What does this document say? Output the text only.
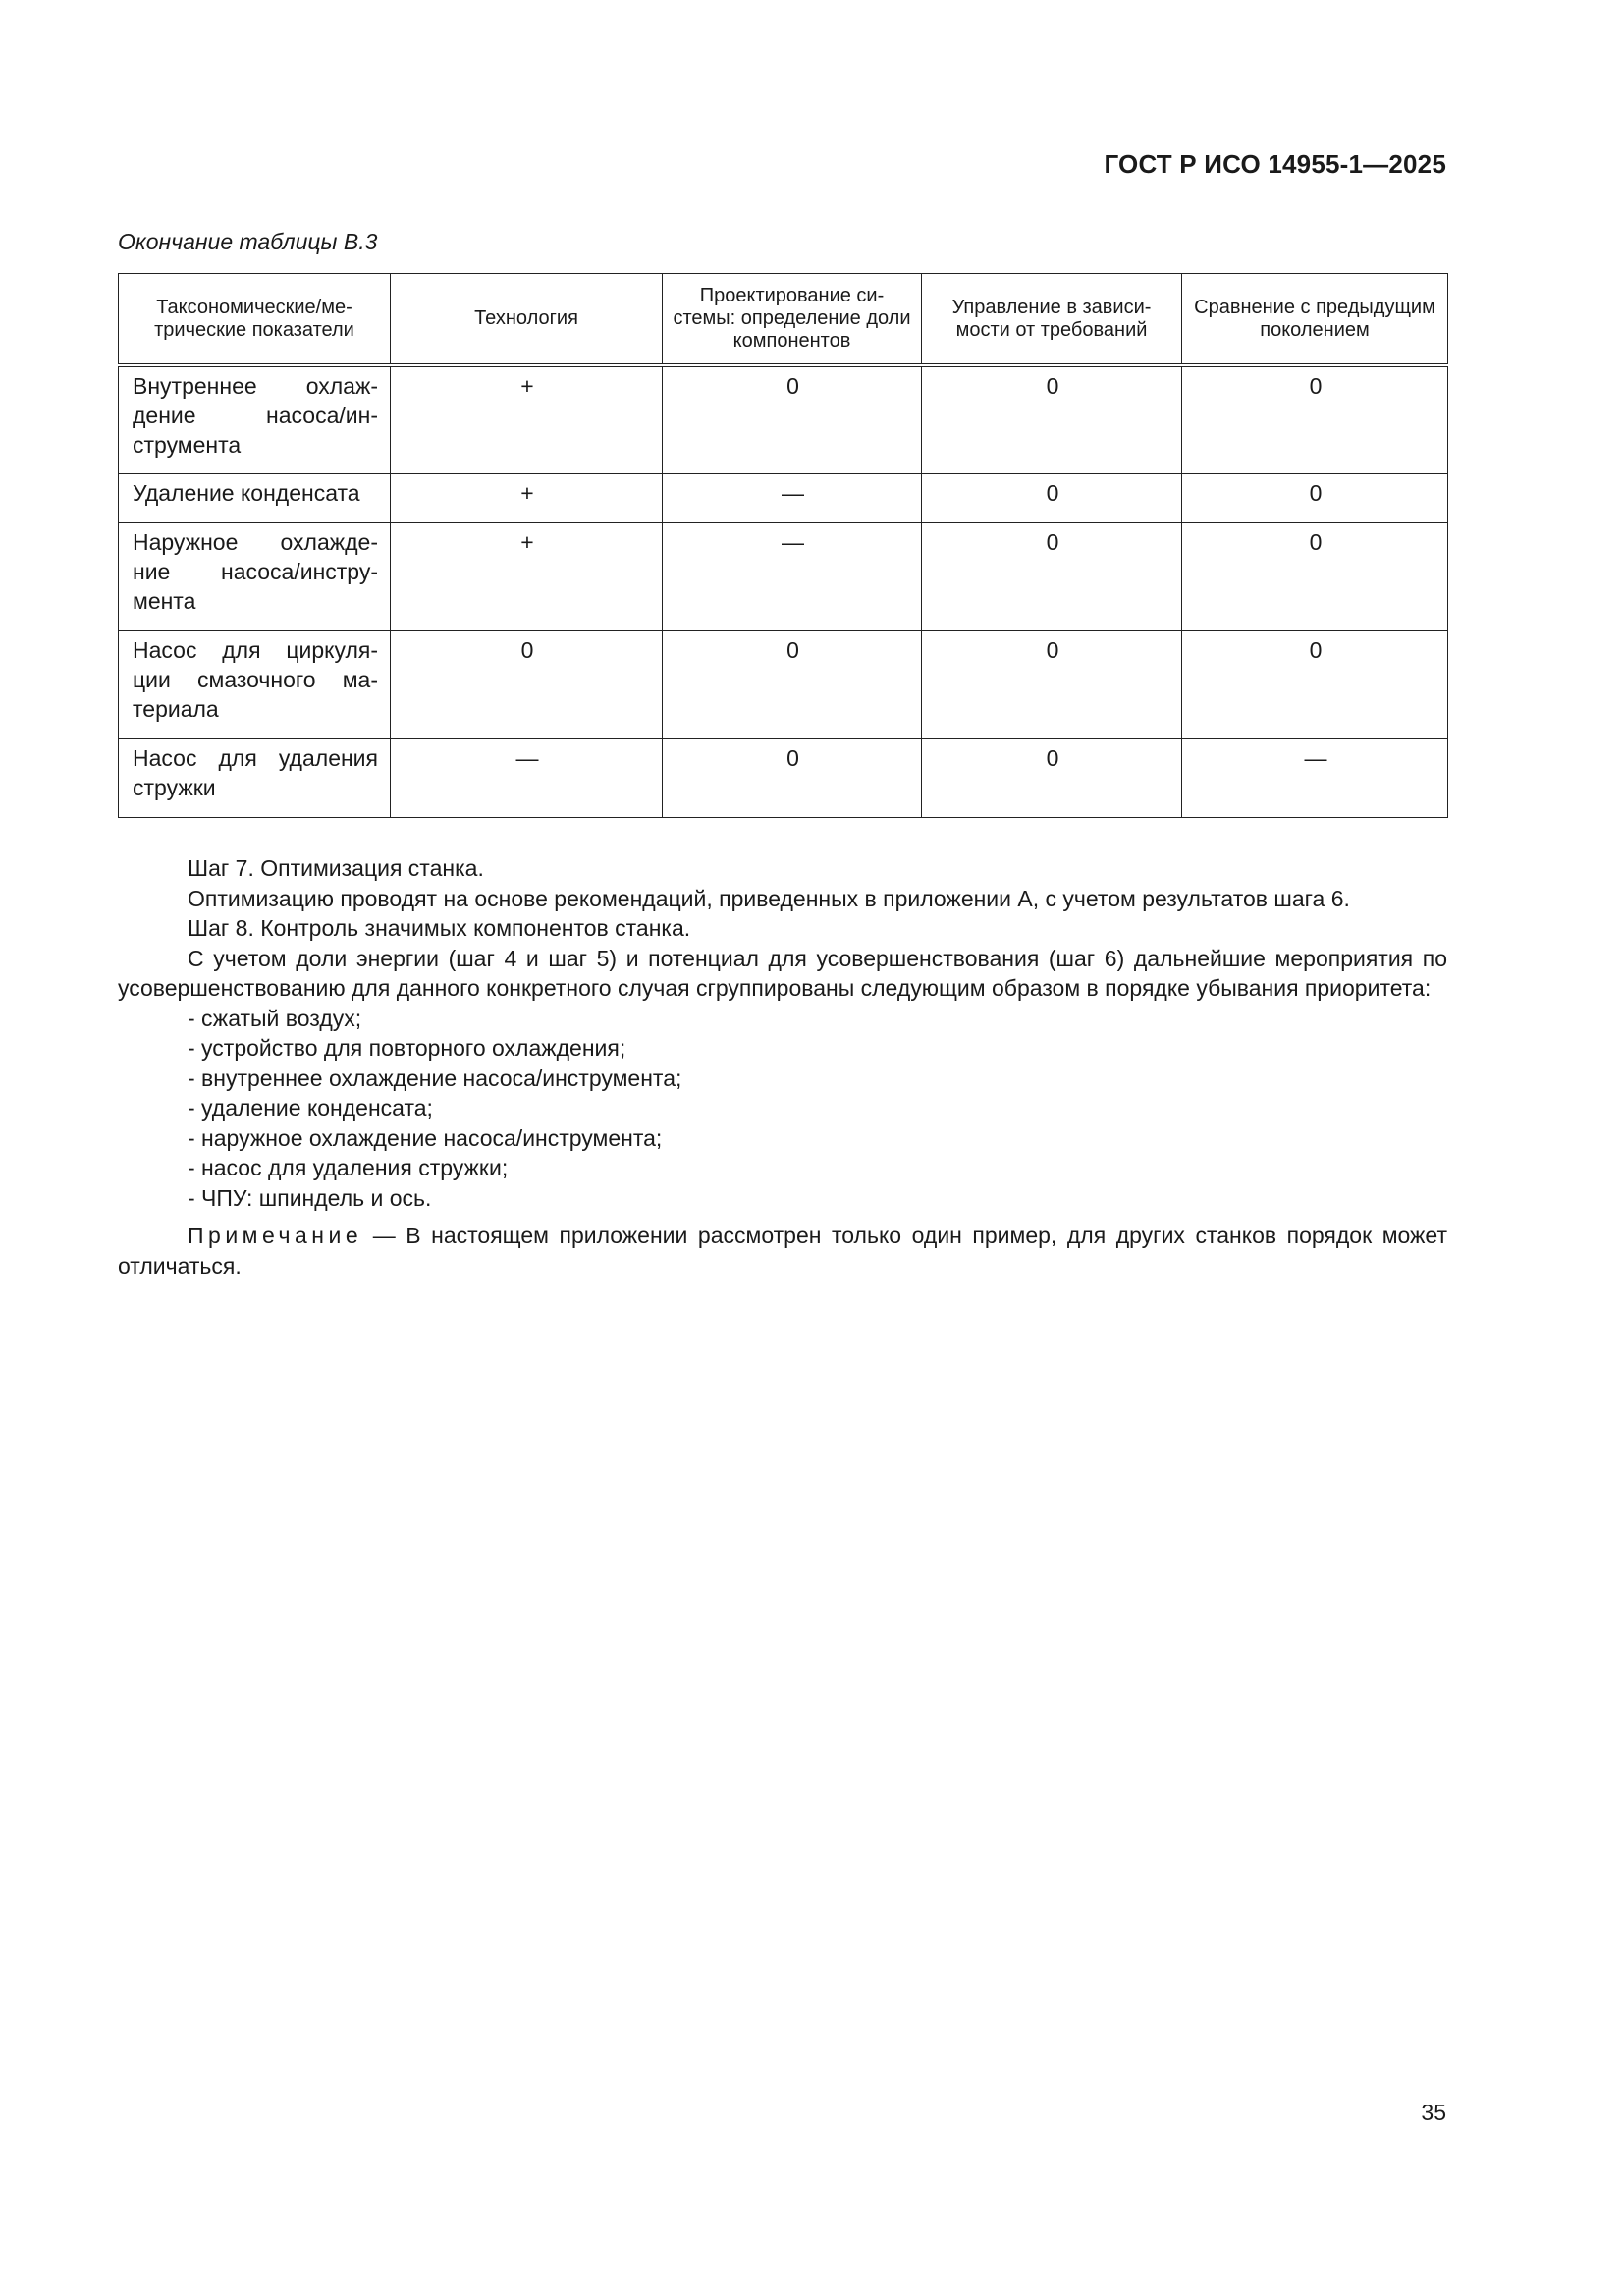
ГОСТ Р ИСО 14955-1—2025
Окончание таблицы В.3
Таксономические/ме-трические показатели	Технология	Проектирование си-стемы: определение доли компонентов	Управление в зависи-мости от требований	Сравнение с предыдущим поколением
Внутреннее охлаж-дение насоса/ин-струмента	+	0	0	0
Удаление конденсата	+	—	0	0
Наружное охлажде-ние насоса/инстру-мента	+	—	0	0
Насос для циркуля-ции смазочного ма-териала	0	0	0	0
Насос для удаления стружки	—	0	0	—

Шаг 7. Оптимизация станка.

Оптимизацию проводят на основе рекомендаций, приведенных в приложении А, с учетом результатов шага 6.

Шаг 8. Контроль значимых компонентов станка.

С учетом доли энергии (шаг 4 и шаг 5) и потенциал для усовершенствования (шаг 6) дальнейшие мероприятия по усовершенствованию для данного конкретного случая сгруппированы следующим образом в порядке убывания приоритета:

- сжатый воздух;

- устройство для повторного охлаждения;

- внутреннее охлаждение насоса/инструмента;

- удаление конденсата;

- наружное охлаждение насоса/инструмента;

- насос для удаления стружки;

- ЧПУ: шпиндель и ось.

Примечание — В настоящем приложении рассмотрен только один пример, для других станков порядок может отличаться.

35
